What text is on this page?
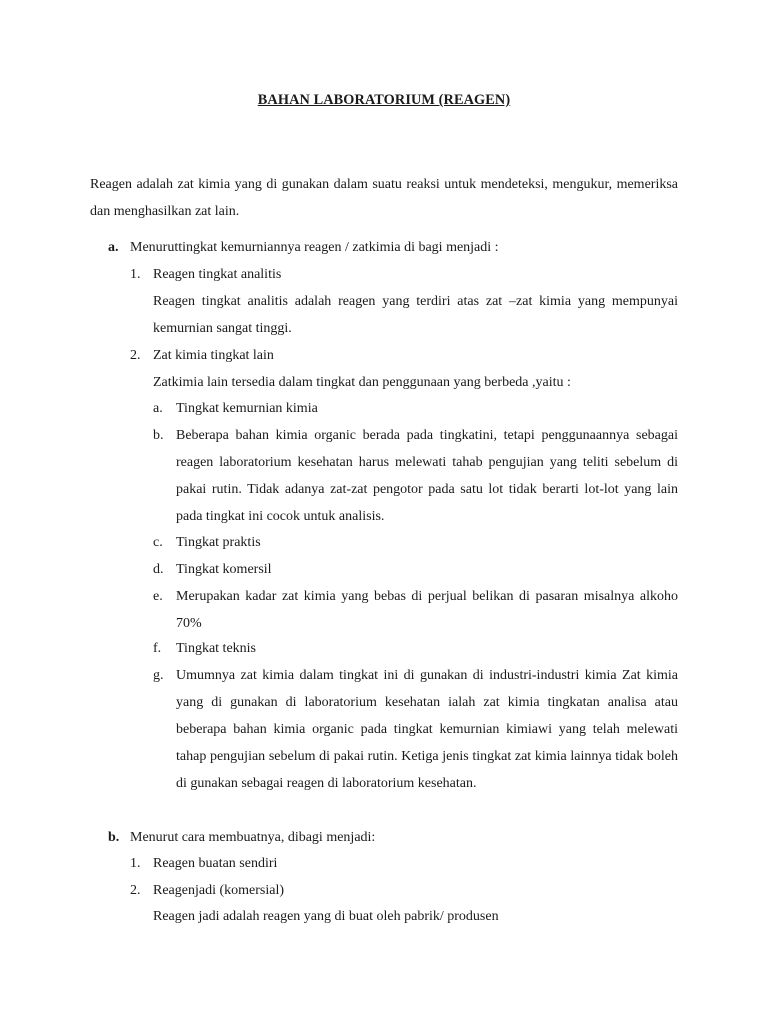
BAHAN LABORATORIUM (REAGEN)

Reagen adalah zat kimia yang di gunakan dalam suatu reaksi untuk mendeteksi, mengukur, memeriksa dan menghasilkan zat lain.

a. Menuruttingkat kemurniannya reagen / zatkimia di bagi menjadi :
1. Reagen tingkat analitis
Reagen tingkat analitis adalah reagen yang terdiri atas zat –zat kimia yang mempunyai kemurnian sangat tinggi.
2. Zat kimia tingkat lain
Zatkimia lain tersedia dalam tingkat dan penggunaan yang berbeda ,yaitu :
a. Tingkat kemurnian kimia
b. Beberapa bahan kimia organic berada pada tingkatini, tetapi penggunaannya sebagai reagen laboratorium kesehatan harus melewati tahab pengujian yang teliti sebelum di pakai rutin. Tidak adanya zat-zat pengotor pada satu lot tidak berarti lot-lot yang lain pada tingkat ini cocok untuk analisis.
c. Tingkat praktis
d. Tingkat komersil
e. Merupakan kadar zat kimia yang bebas di perjual belikan di pasaran misalnya alkoho 70%
f. Tingkat teknis
g. Umumnya zat kimia dalam tingkat ini di gunakan di industri-industri kimia Zat kimia yang di gunakan di laboratorium kesehatan ialah zat kimia tingkatan analisa atau beberapa bahan kimia organic pada tingkat kemurnian kimiawi yang telah melewati tahap pengujian sebelum di pakai rutin. Ketiga jenis tingkat zat kimia lainnya tidak boleh di gunakan sebagai reagen di laboratorium kesehatan.
b. Menurut cara membuatnya, dibagi menjadi:
1. Reagen buatan sendiri
2. Reagenjadi (komersial)
Reagen jadi adalah reagen yang di buat oleh pabrik/ produsen
